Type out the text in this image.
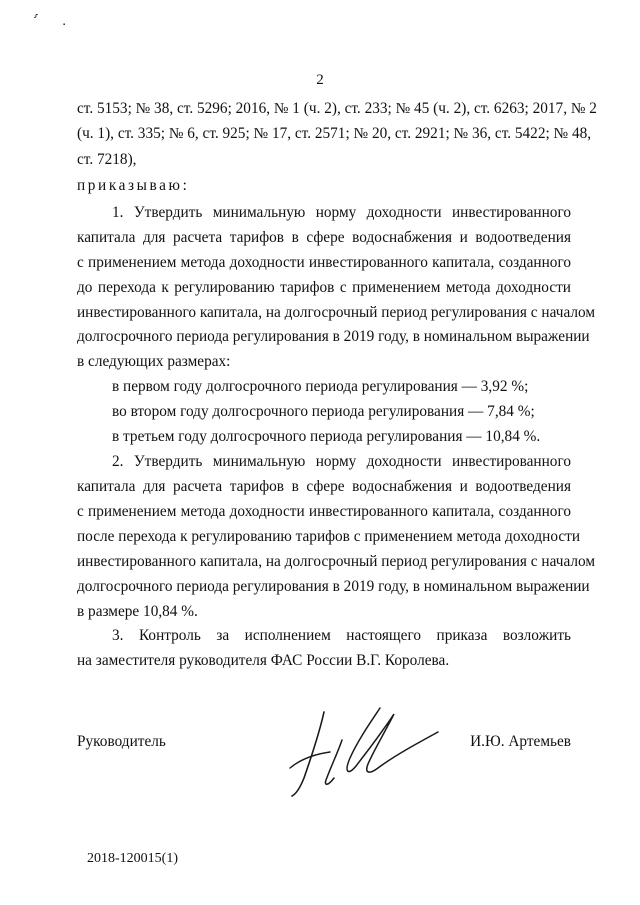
ⸯ	▪
2
ст. 5153; № 38, ст. 5296; 2016, № 1 (ч. 2), ст. 233; № 45 (ч. 2), ст. 6263; 2017, № 2
(ч. 1), ст. 335; № 6, ст. 925; № 17, ст. 2571; № 20, ст. 2921; № 36, ст. 5422; № 48,
ст. 7218),
приказываю:
1. Утвердить минимальную норму доходности инвестированного
капитала для расчета тарифов в сфере водоснабжения и водоотведения
с применением метода доходности инвестированного капитала, созданного
до перехода к регулированию тарифов с применением метода доходности
инвестированного капитала, на долгосрочный период регулирования с началом
долгосрочного периода регулирования в 2019 году, в номинальном выражении
в следующих размерах:
в первом году долгосрочного периода регулирования — 3,92 %;
во втором году долгосрочного периода регулирования — 7,84 %;
в третьем году долгосрочного периода регулирования — 10,84 %.
2. Утвердить минимальную норму доходности инвестированного
капитала для расчета тарифов в сфере водоснабжения и водоотведения
с применением метода доходности инвестированного капитала, созданного
после перехода к регулированию тарифов с применением метода доходности
инвестированного капитала, на долгосрочный период регулирования с началом
долгосрочного периода регулирования в 2019 году, в номинальном выражении
в размере 10,84 %.
3. Контроль за исполнением настоящего приказа возложить
на заместителя руководителя ФАС России В.Г. Королева.
Руководитель	И.Ю. Артемьев
2018-120015(1)
